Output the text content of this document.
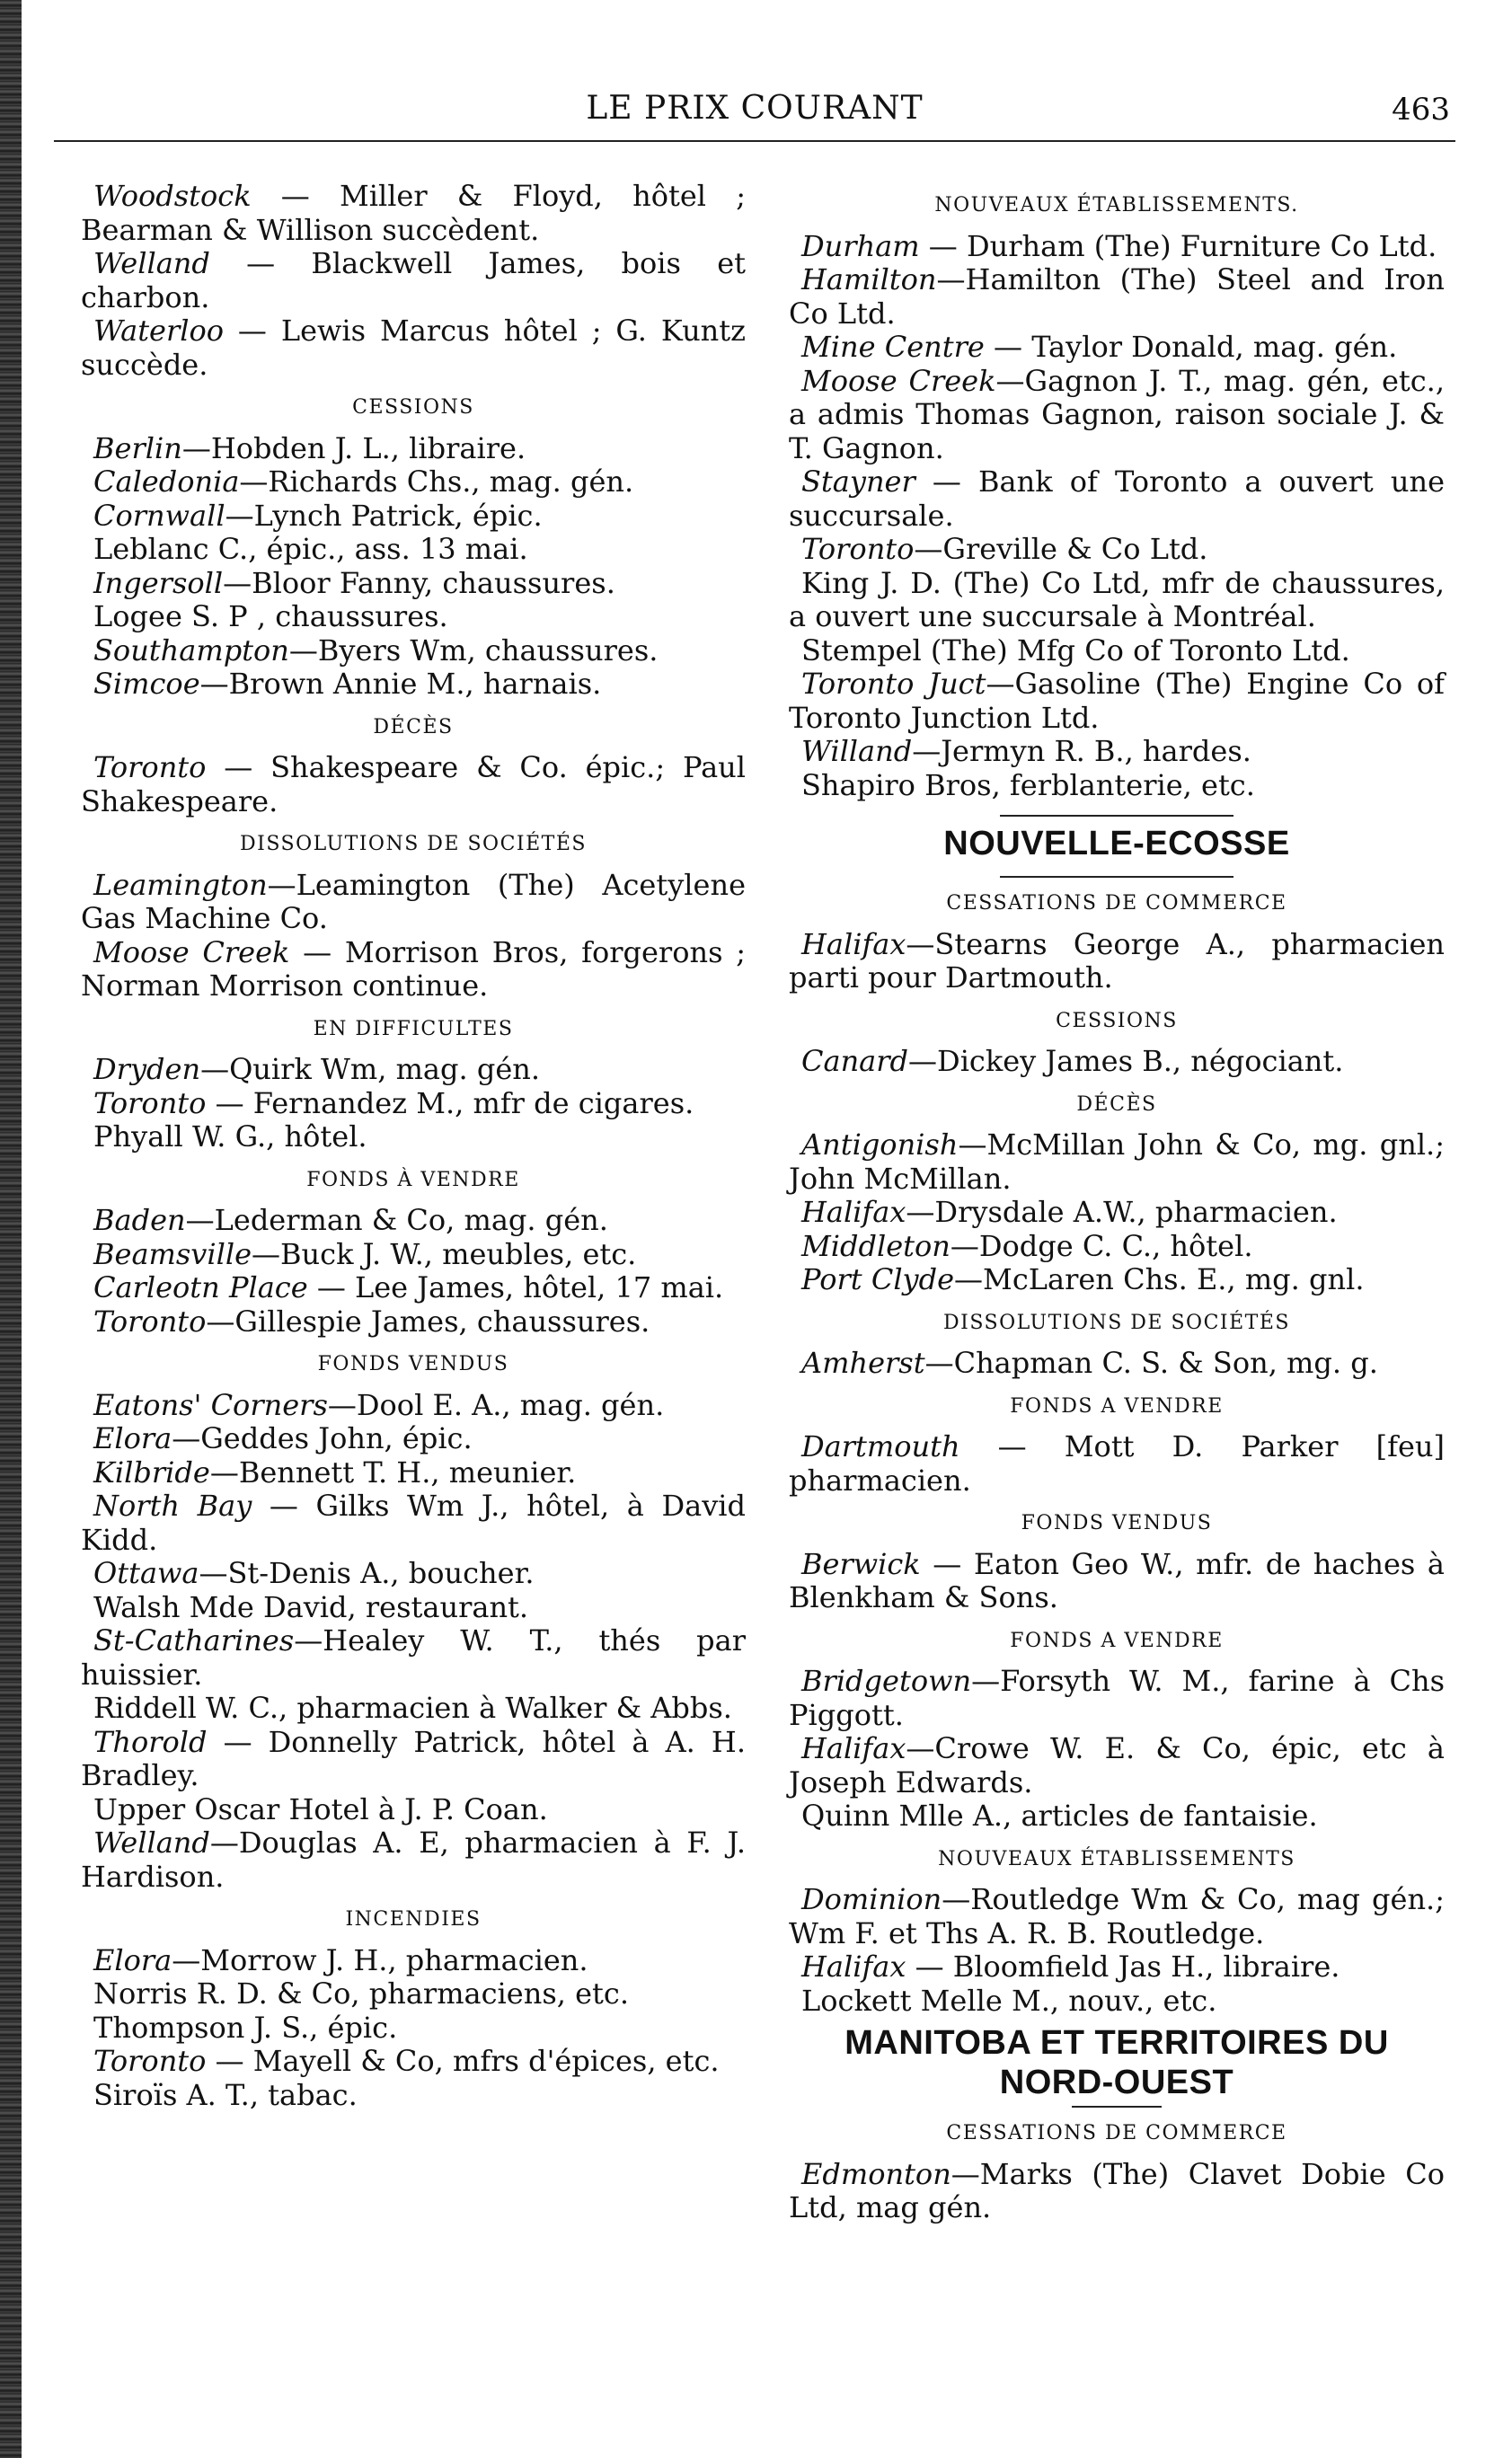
LE PRIX COURANT	463
Woodstock — Miller & Floyd, hôtel ; Bearman & Willison succèdent.
Welland — Blackwell James, bois et charbon.
Waterloo — Lewis Marcus hôtel ; G. Kuntz succède.
CESSIONS
Berlin—Hobden J. L., libraire.
Caledonia—Richards Chs., mag. gén.
Cornwall—Lynch Patrick, épic.
Leblanc C., épic., ass. 13 mai.
Ingersoll—Bloor Fanny, chaussures.
Logee S. P , chaussures.
Southampton—Byers Wm, chaussures.
Simcoe—Brown Annie M., harnais.
DÉCÈS
Toronto — Shakespeare & Co. épic.; Paul Shakespeare.
DISSOLUTIONS DE SOCIÉTÉS
Leamington—Leamington (The) Acetylene Gas Machine Co.
Moose Creek — Morrison Bros, forgerons ; Norman Morrison continue.
EN DIFFICULTES
Dryden—Quirk Wm, mag. gén.
Toronto — Fernandez M., mfr de cigares.
Phyall W. G., hôtel.
FONDS À VENDRE
Baden—Lederman & Co, mag. gén.
Beamsville—Buck J. W., meubles, etc.
Carleotn Place — Lee James, hôtel, 17 mai.
Toronto—Gillespie James, chaussures.
FONDS VENDUS
Eatons' Corners—Dool E. A., mag. gén.
Elora—Geddes John, épic.
Kilbride—Bennett T. H., meunier.
North Bay — Gilks Wm J., hôtel, à David Kidd.
Ottawa—St-Denis A., boucher.
Walsh Mde David, restaurant.
St-Catharines—Healey W. T., thés par huissier.
Riddell W. C., pharmacien à Walker & Abbs.
Thorold — Donnelly Patrick, hôtel à A. H. Bradley.
Upper Oscar Hotel à J. P. Coan.
Welland—Douglas A. E, pharmacien à F. J. Hardison.
INCENDIES
Elora—Morrow J. H., pharmacien.
Norris R. D. & Co, pharmaciens, etc.
Thompson J. S., épic.
Toronto — Mayell & Co, mfrs d'épices, etc.
Siroïs A. T., tabac.
NOUVEAUX ÉTABLISSEMENTS.
Durham — Durham (The) Furniture Co Ltd.
Hamilton—Hamilton (The) Steel and Iron Co Ltd.
Mine Centre — Taylor Donald, mag. gén.
Moose Creek—Gagnon J. T., mag. gén, etc., a admis Thomas Gagnon, raison sociale J. & T. Gagnon.
Stayner — Bank of Toronto a ouvert une succursale.
Toronto—Greville & Co Ltd.
King J. D. (The) Co Ltd, mfr de chaussures, a ouvert une succursale à Montréal.
Stempel (The) Mfg Co of Toronto Ltd.
Toronto Juct—Gasoline (The) Engine Co of Toronto Junction Ltd.
Willand—Jermyn R. B., hardes.
Shapiro Bros, ferblanterie, etc.
NOUVELLE-ECOSSE
CESSATIONS DE COMMERCE
Halifax—Stearns George A., pharmacien parti pour Dartmouth.
CESSIONS
Canard—Dickey James B., négociant.
DÉCÈS
Antigonish—McMillan John & Co, mg. gnl.; John McMillan.
Halifax—Drysdale A.W., pharmacien.
Middleton—Dodge C. C., hôtel.
Port Clyde—McLaren Chs. E., mg. gnl.
DISSOLUTIONS DE SOCIÉTÉS
Amherst—Chapman C. S. & Son, mg. g.
FONDS A VENDRE
Dartmouth — Mott D. Parker [feu] pharmacien.
FONDS VENDUS
Berwick — Eaton Geo W., mfr. de haches à Blenkham & Sons.
FONDS A VENDRE
Bridgetown—Forsyth W. M., farine à Chs Piggott.
Halifax—Crowe W. E. & Co, épic, etc à Joseph Edwards.
Quinn Mlle A., articles de fantaisie.
NOUVEAUX ÉTABLISSEMENTS
Dominion—Routledge Wm & Co, mag gén.; Wm F. et Ths A. R. B. Routledge.
Halifax — Bloomfield Jas H., libraire.
Lockett Melle M., nouv., etc.
MANITOBA ET TERRITOIRES DU NORD-OUEST
CESSATIONS DE COMMERCE
Edmonton—Marks (The) Clavet Dobie Co Ltd, mag gén.
